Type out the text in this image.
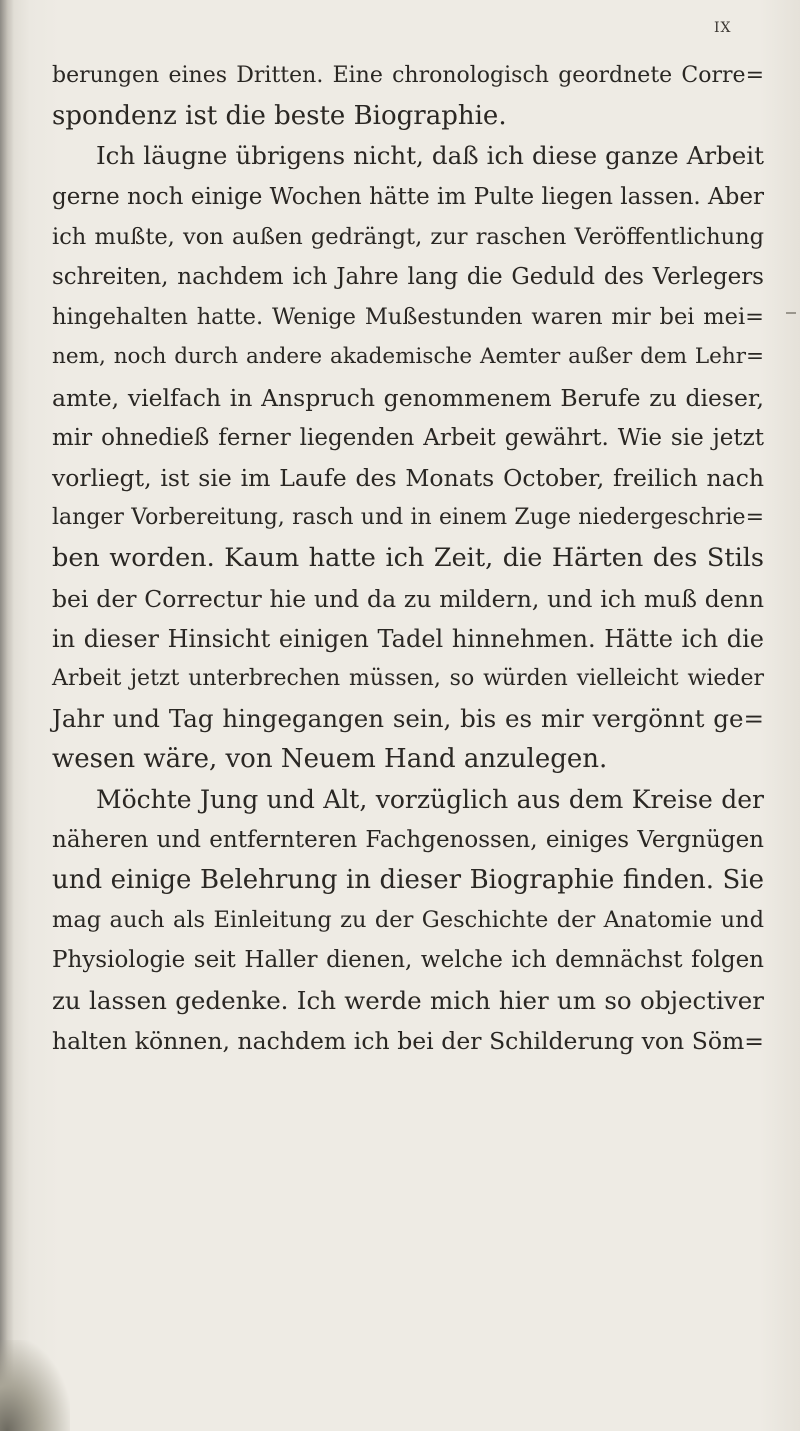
IX
berungen eines Dritten. Eine chronologisch geordnete Corre=
spondenz ist die beste Biographie.
Ich läugne übrigens nicht, daß ich diese ganze Arbeit
gerne noch einige Wochen hätte im Pulte liegen lassen. Aber
ich mußte, von außen gedrängt, zur raschen Veröffentlichung
schreiten, nachdem ich Jahre lang die Geduld des Verlegers
hingehalten hatte. Wenige Mußestunden waren mir bei mei=
nem, noch durch andere akademische Aemter außer dem Lehr=
amte, vielfach in Anspruch genommenem Berufe zu dieser,
mir ohnedieß ferner liegenden Arbeit gewährt. Wie sie jetzt
vorliegt, ist sie im Laufe des Monats October, freilich nach
langer Vorbereitung, rasch und in einem Zuge niedergeschrie=
ben worden. Kaum hatte ich Zeit, die Härten des Stils
bei der Correctur hie und da zu mildern, und ich muß denn
in dieser Hinsicht einigen Tadel hinnehmen. Hätte ich die
Arbeit jetzt unterbrechen müssen, so würden vielleicht wieder
Jahr und Tag hingegangen sein, bis es mir vergönnt ge=
wesen wäre, von Neuem Hand anzulegen.
Möchte Jung und Alt, vorzüglich aus dem Kreise der
näheren und entfernteren Fachgenossen, einiges Vergnügen
und einige Belehrung in dieser Biographie finden. Sie
mag auch als Einleitung zu der Geschichte der Anatomie und
Physiologie seit Haller dienen, welche ich demnächst folgen
zu lassen gedenke. Ich werde mich hier um so objectiver
halten können, nachdem ich bei der Schilderung von Söm=
